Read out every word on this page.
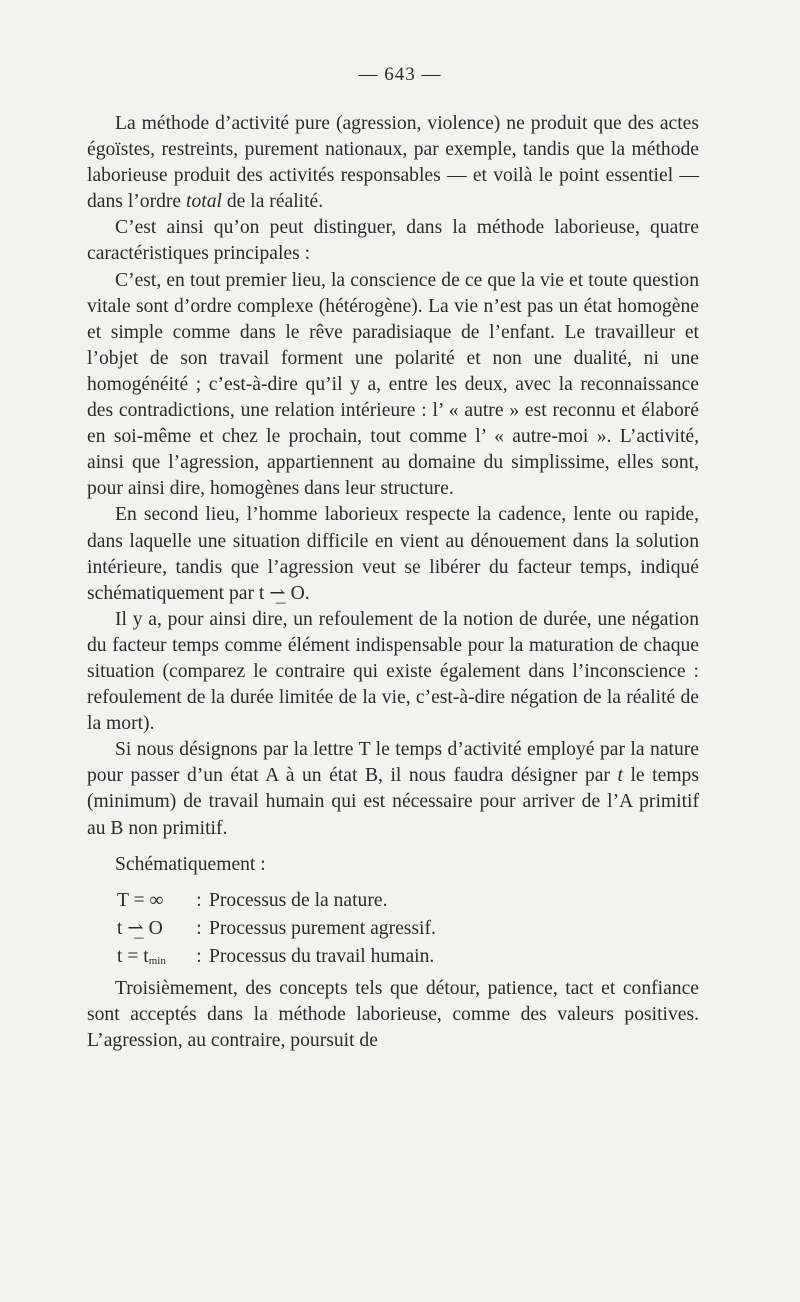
— 643 —

La méthode d’activité pure (agression, violence) ne produit que des actes égoïstes, restreints, purement nationaux, par exemple, tandis que la méthode laborieuse produit des activités responsables — et voilà le point essentiel — dans l’ordre total de la réalité.

C’est ainsi qu’on peut distinguer, dans la méthode laborieuse, quatre caractéristiques principales :

C’est, en tout premier lieu, la conscience de ce que la vie et toute question vitale sont d’ordre complexe (hétérogène). La vie n’est pas un état homogène et simple comme dans le rêve paradisiaque de l’enfant. Le travailleur et l’objet de son travail forment une polarité et non une dualité, ni une homogénéité ; c’est-à-dire qu’il y a, entre les deux, avec la reconnaissance des contradictions, une relation intérieure : l’ « autre » est reconnu et élaboré en soi-même et chez le prochain, tout comme l’ « autre-moi ». L’activité, ainsi que l’agression, appartiennent au domaine du simplissime, elles sont, pour ainsi dire, homogènes dans leur structure.

En second lieu, l’homme laborieux respecte la cadence, lente ou rapide, dans laquelle une situation difficile en vient au dénouement dans la solution intérieure, tandis que l’agression veut se libérer du facteur temps, indiqué schématiquement par t ⇀̲ O.

Il y a, pour ainsi dire, un refoulement de la notion de durée, une négation du facteur temps comme élément indispensable pour la maturation de chaque situation (comparez le contraire qui existe également dans l’inconscience : refoulement de la durée limitée de la vie, c’est-à-dire négation de la réalité de la mort).

Si nous désignons par la lettre T le temps d’activité employé par la nature pour passer d’un état A à un état B, il nous faudra désigner par t le temps (minimum) de travail humain qui est nécessaire pour arriver de l’A primitif au B non primitif.

Schématiquement :

T = ∞	: Processus de la nature.
t ⇀̲ O	: Processus purement agressif.
t = tmin	: Processus du travail humain.

Troisièmement, des concepts tels que détour, patience, tact et confiance sont acceptés dans la méthode laborieuse, comme des valeurs positives. L’agression, au contraire, poursuit de
